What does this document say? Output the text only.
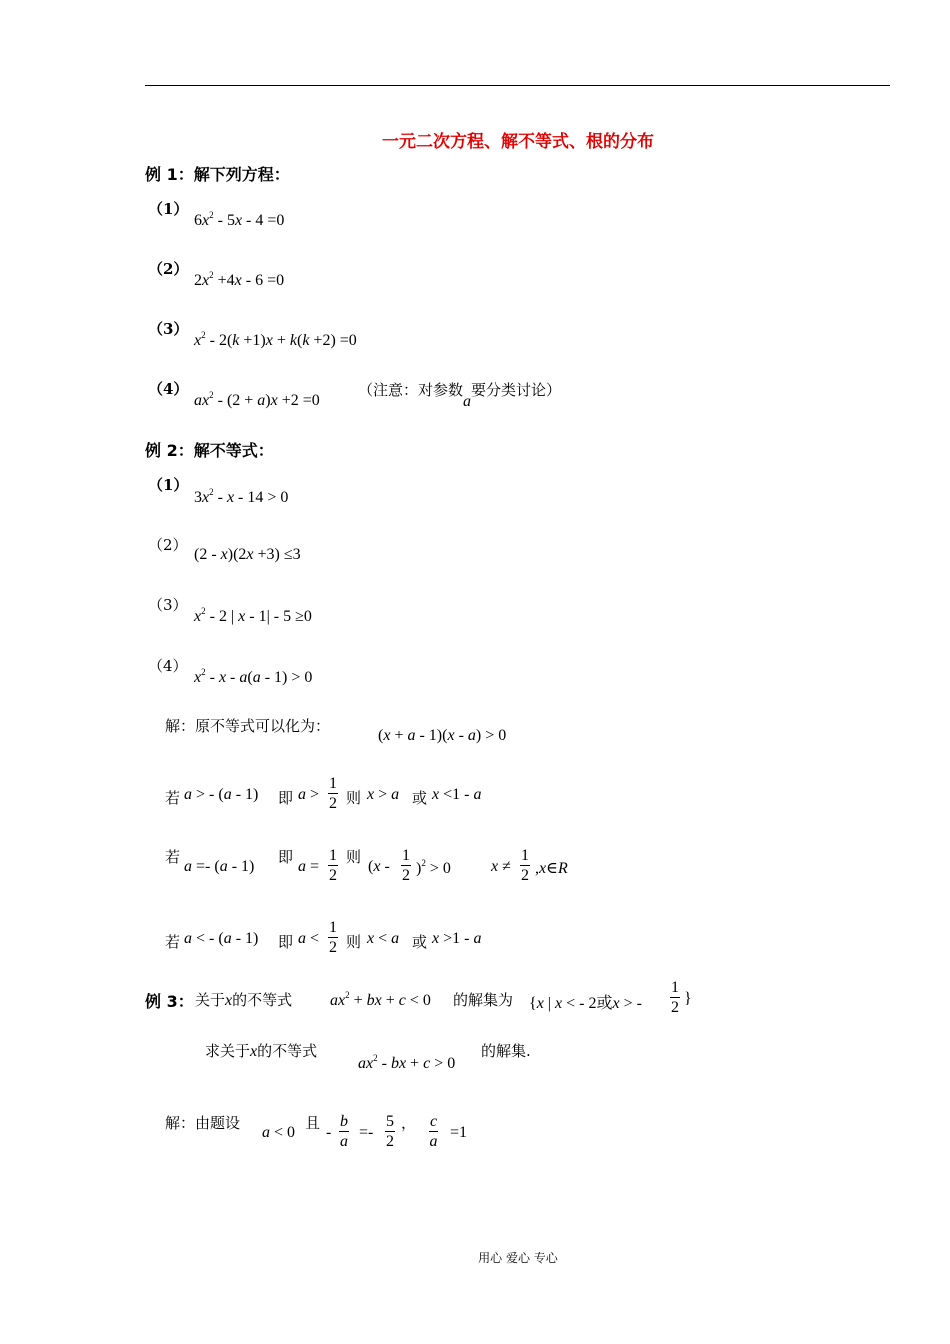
一元二次方程、解不等式、根的分布
例 1：解下列方程：
（1）
$6x^2 - 5x - 4 =0$
（2）
$2x^2 +4x - 6 =0$
（3）
$x^2 - 2(k +1)x + k(k +2) =0$
（4）
$ax^2 - (2 + a)x +2 =0$
（注意：对参数a要分类讨论）
例 2：解不等式：
（1）
$3x^2 - x - 14 > 0$
（2）
(2 - x)(2x +3) ≤3
（3）
$x^2 - 2$ | x - 1| - 5 ≥0
（4）
$x^2 - x - a(a - 1) > 0$
解：原不等式可以化为：
(x + a - 1)(x - a) > 0
若 a > - (a - 1) 即 $a > \frac{1}{2}$ 则 x > a 或 x <1 - a
若
a =- (a - 1)
即
$a = \frac{1}{2}$ 则
$(x - \frac{1}{2} )^2 > 0$	$x \ne \frac{1}{2}$ ,x∈R
若 a < - (a - 1) 即 $a < \frac{1}{2}$ 则 x < a 或 x >1 - a
例 3： 关于x的不等式 $ax^2$ + bx + c < 0 的解集为 {x | x < - 2或x > - $\frac{1}{2}$ }
求关于x的不等式
$ax^2$ - bx + c > 0
的解集.
解：由题设
a < 0
且
- $\frac{b}{a} =- \frac{5}{2}$ ， $\frac{c}{a} =1$
用心 爱心 专心
